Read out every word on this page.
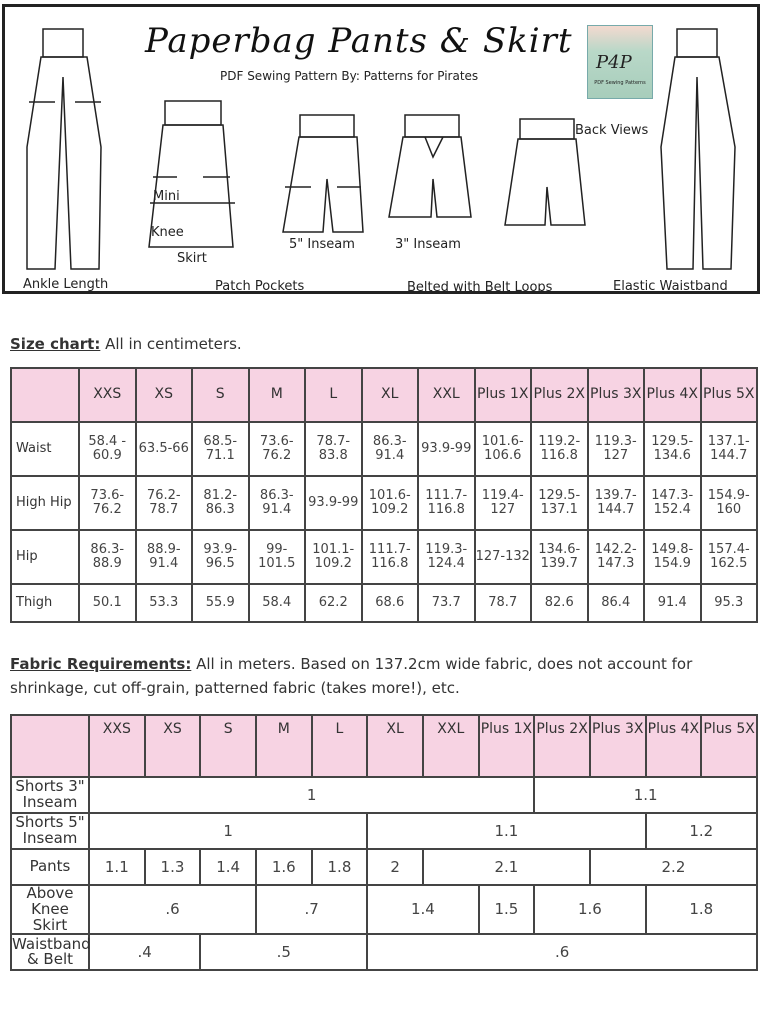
Paperbag Pants & Skirt
PDF Sewing Pattern By: Patterns for Pirates
P4P
PDF Sewing Patterns
Ankle Length
Mini
Knee
Skirt
5" Inseam	3" Inseam
Back Views
Patch Pockets	Belted with Belt Loops	Elastic Waistband
Size chart: All in centimeters.
	XXS	XS	S	M	L	XL	XXL	Plus 1X	Plus 2X	Plus 3X	Plus 4X	Plus 5X
Waist	58.4 - 60.9	63.5-66	68.5-71.1	73.6-76.2	78.7-83.8	86.3-91.4	93.9-99	101.6-106.6	119.2-116.8	119.3-127	129.5-134.6	137.1-144.7
High Hip	73.6-76.2	76.2-78.7	81.2-86.3	86.3-91.4	93.9-99	101.6-109.2	111.7-116.8	119.4-127	129.5-137.1	139.7-144.7	147.3-152.4	154.9-160
Hip	86.3-88.9	88.9-91.4	93.9-96.5	99-101.5	101.1-109.2	111.7-116.8	119.3-124.4	127-132	134.6-139.7	142.2-147.3	149.8-154.9	157.4-162.5
Thigh	50.1	53.3	55.9	58.4	62.2	68.6	73.7	78.7	82.6	86.4	91.4	95.3
Fabric Requirements: All in meters. Based on 137.2cm wide fabric, does not account for shrinkage, cut off-grain, patterned fabric (takes more!), etc.
	XXS	XS	S	M	L	XL	XXL	Plus 1X	Plus 2X	Plus 3X	Plus 4X	Plus 5X
Shorts 3" Inseam	1								1.1			
Shorts 5" Inseam	1					1.1					1.2	
Pants	1.1	1.3	1.4	1.6	1.8	2	2.1			2.2		
Above Knee Skirt	.6			.7		1.4		1.5	1.6		1.8	
Waistband & Belt	.4		.5			.6						
